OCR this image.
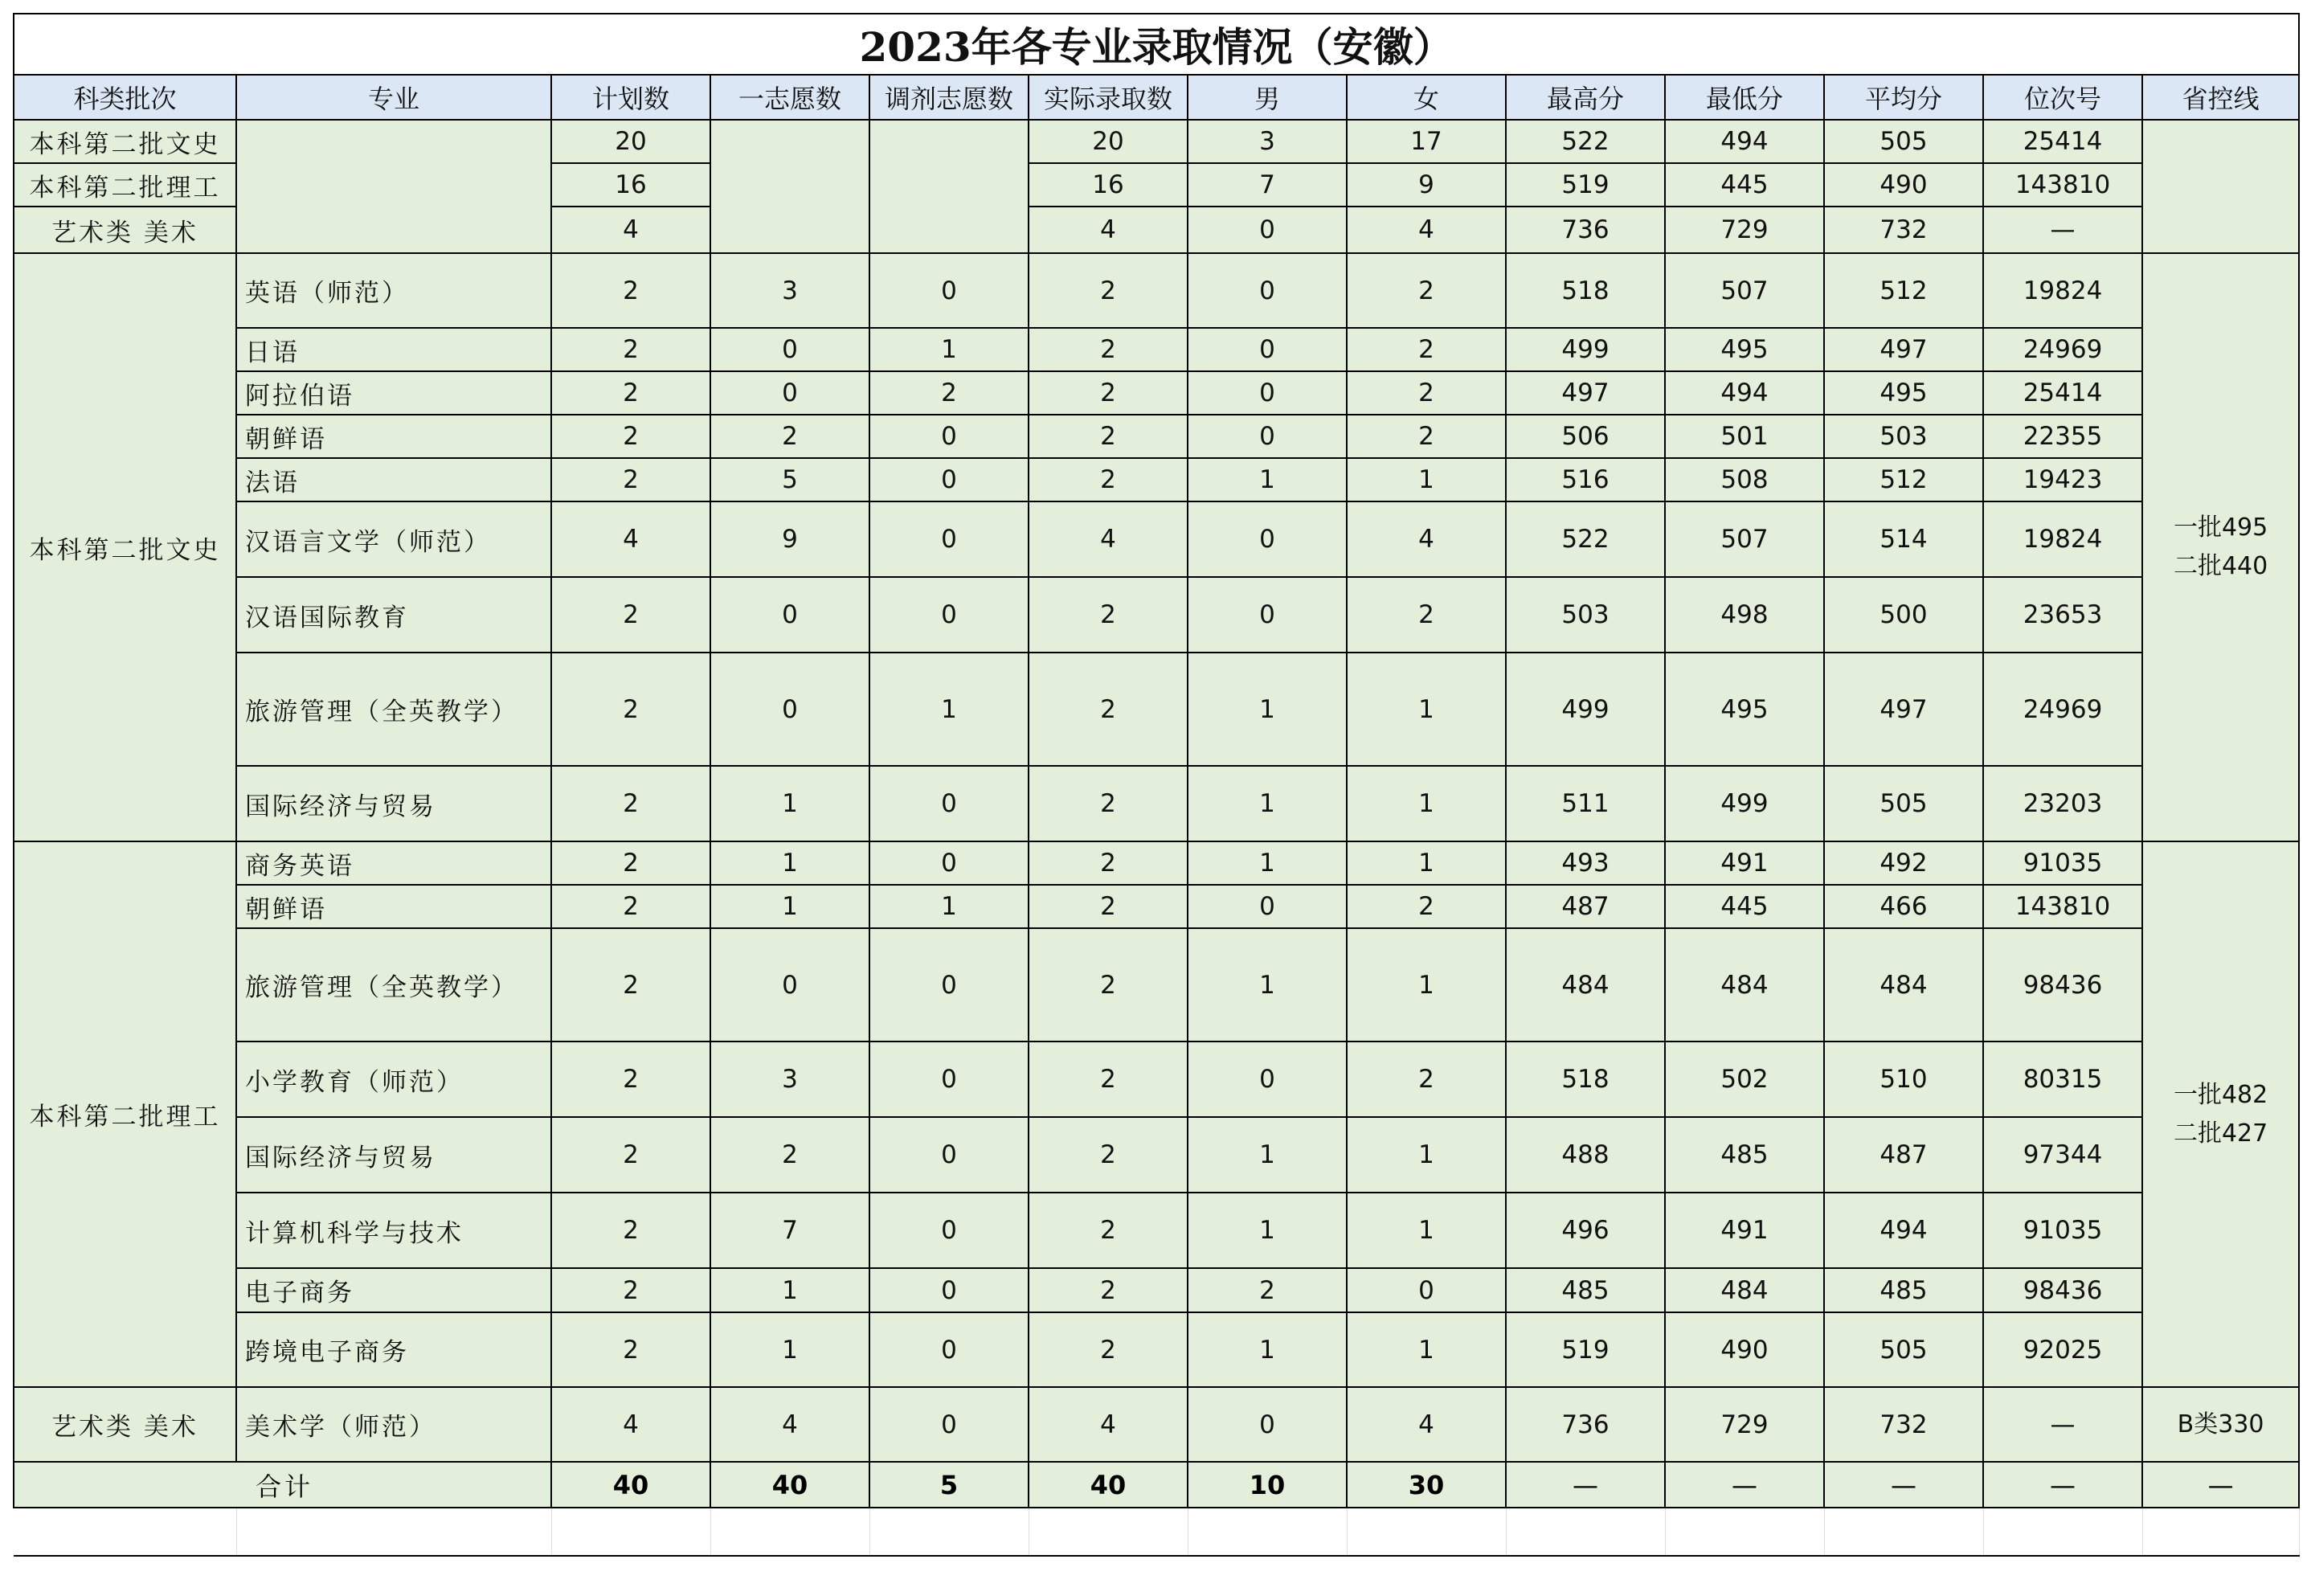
2023年各专业录取情况（安徽）												
科类批次	专业	计划数	一志愿数	调剂志愿数	实际录取数	男	女	最高分	最低分	平均分	位次号	省控线
本科第二批文史		20			20	3	17	522	494	505	25414	
本科第二批理工		16			16	7	9	519	445	490	143810	
艺术类 美术		4			4	0	4	736	729	732	—	
本科第二批文史	英语（师范）	2	3	0	2	0	2	518	507	512	19824	一批495
二批440

	日语	2	0	1	2	0	2	499	495	497	24969	
	阿拉伯语	2	0	2	2	0	2	497	494	495	25414	
	朝鲜语	2	2	0	2	0	2	506	501	503	22355	
	法语	2	5	0	2	1	1	516	508	512	19423	
	汉语言文学（师范）	4	9	0	4	0	4	522	507	514	19824	
	汉语国际教育	2	0	0	2	0	2	503	498	500	23653	
	旅游管理（全英教学）	2	0	1	2	1	1	499	495	497	24969	
	国际经济与贸易	2	1	0	2	1	1	511	499	505	23203	
本科第二批理工	商务英语	2	1	0	2	1	1	493	491	492	91035	一批482
二批427

	朝鲜语	2	1	1	2	0	2	487	445	466	143810	
	旅游管理（全英教学）	2	0	0	2	1	1	484	484	484	98436	
	小学教育（师范）	2	3	0	2	0	2	518	502	510	80315	
	国际经济与贸易	2	2	0	2	1	1	488	485	487	97344	
	计算机科学与技术	2	7	0	2	1	1	496	491	494	91035	
	电子商务	2	1	0	2	2	0	485	484	485	98436	
	跨境电子商务	2	1	0	2	1	1	519	490	505	92025	
艺术类 美术	美术学（师范）	4	4	0	4	0	4	736	729	732	—	B类330

合计		40	40	5	40	10	30	—	—	—	—	—
